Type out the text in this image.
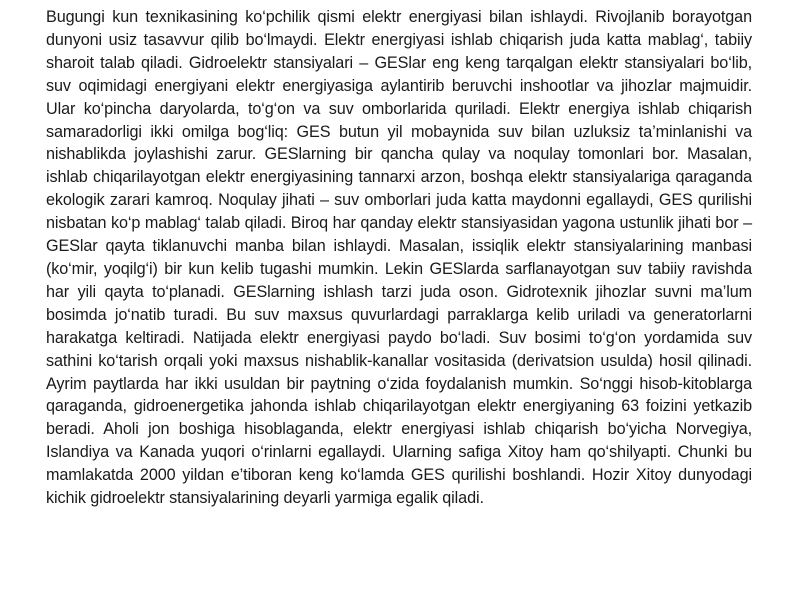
Bugungi kun texnikasining ko‘pchilik qismi elektr energiyasi bilan ishlaydi. Rivojlanib borayotgan dunyoni usiz tasavvur qilib bo‘lmaydi. Elektr energiyasi ishlab chiqarish juda katta mablag‘, tabiiy sharoit talab qiladi. Gidroelektr stansiyalari – GESlar eng keng tarqalgan elektr stansiyalari bo‘lib, suv oqimidagi energiyani elektr energiyasiga aylantirib beruvchi inshootlar va jihozlar majmuidir. Ular ko‘pincha daryolarda, to‘g‘on va suv omborlarida quriladi. Elektr energiya ishlab chiqarish samaradorligi ikki omilga bog‘liq: GES butun yil mobaynida suv bilan uzluksiz ta’minlanishi va nishablikda joylashishi zarur. GESlarning bir qancha qulay va noqulay tomonlari bor. Masalan, ishlab chiqarilayotgan elektr energiyasining tannarxi arzon, boshqa elektr stansiyalariga qaraganda ekologik zarari kamroq. Noqulay jihati – suv omborlari juda katta maydonni egallaydi, GES qurilishi nisbatan ko‘p mablag‘ talab qiladi. Biroq har qanday elektr stansiyasidan yagona ustunlik jihati bor – GESlar qayta tiklanuvchi manba bilan ishlaydi. Masalan, issiqlik elektr stansiyalarining manbasi (ko‘mir, yoqilg‘i) bir kun kelib tugashi mumkin. Lekin GESlarda sarflanayotgan suv tabiiy ravishda har yili qayta to‘planadi. GESlarning ishlash tarzi juda oson. Gidrotexnik jihozlar suvni ma’lum bosimda jo‘natib turadi. Bu suv maxsus quvurlardagi parraklarga kelib uriladi va generatorlarni harakatga keltiradi. Natijada elektr energiyasi paydo bo‘ladi. Suv bosimi to‘g‘on yordamida suv sathini ko‘tarish orqali yoki maxsus nishablik-kanallar vositasida (derivatsion usulda) hosil qilinadi. Ayrim paytlarda har ikki usuldan bir paytning o‘zida foydalanish mumkin. So‘nggi hisob-kitoblarga qaraganda, gidroenergetika jahonda ishlab chiqarilayotgan elektr energiyaning 63 foizini yetkazib beradi. Aholi jon boshiga hisoblaganda, elektr energiyasi ishlab chiqarish bo‘yicha Norvegiya, Islandiya va Kanada yuqori o‘rinlarni egallaydi. Ularning safiga Xitoy ham qo‘shilyapti. Chunki bu mamlakatda 2000 yildan e’tiboran keng ko‘lamda GES qurilishi boshlandi. Hozir Xitoy dunyodagi kichik gidroelektr stansiyalarining deyarli yarmiga egalik qiladi.
